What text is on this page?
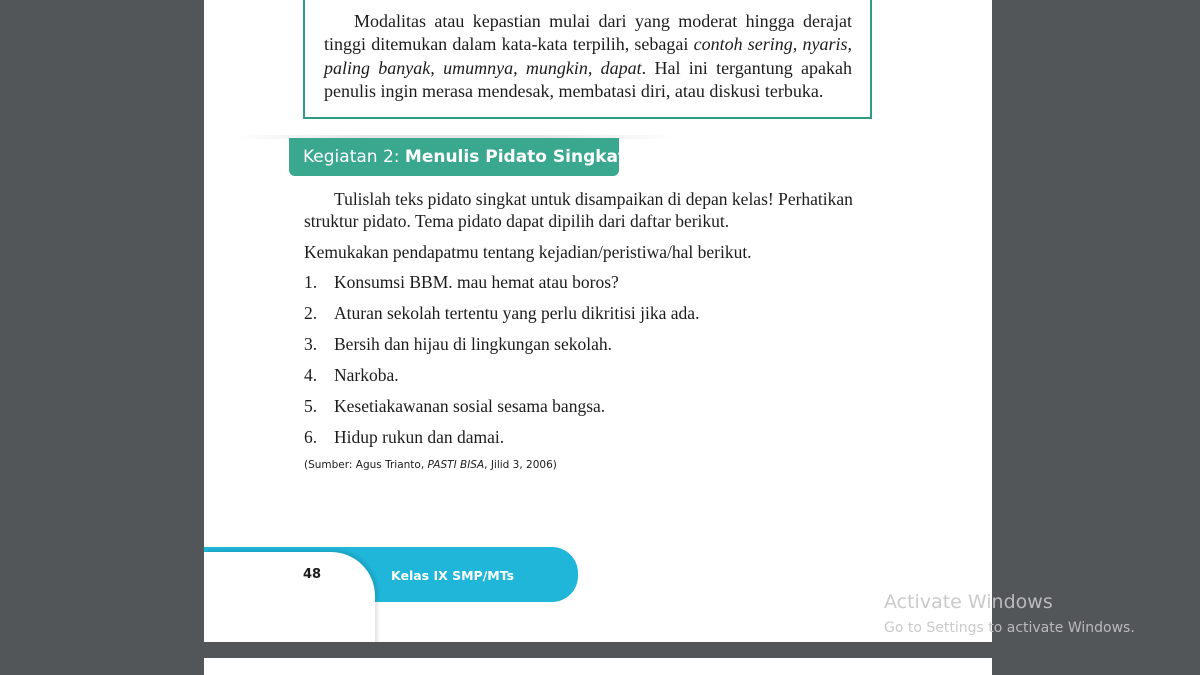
Modalitas atau kepastian mulai dari yang moderat hingga derajat tinggi ditemukan dalam kata-kata terpilih, sebagai contoh sering, nyaris, paling banyak, umumnya, mungkin, dapat. Hal ini tergantung apakah penulis ingin merasa mendesak, membatasi diri, atau diskusi terbuka.

Kegiatan 2: Menulis Pidato Singkat

Tulislah teks pidato singkat untuk disampaikan di depan kelas! Perhatikan struktur pidato. Tema pidato dapat dipilih dari daftar berikut.

Kemukakan pendapatmu tentang kejadian/peristiwa/hal berikut.

1. Konsumsi BBM. mau hemat atau boros?
2. Aturan sekolah tertentu yang perlu dikritisi jika ada.
3. Bersih dan hijau di lingkungan sekolah.
4. Narkoba.
5. Kesetiakawanan sosial sesama bangsa.
6. Hidup rukun dan damai.

(Sumber: Agus Trianto, PASTI BISA, Jilid 3, 2006)

48	Kelas IX SMP/MTs
Activate Windows
Go to Settings to activate Windows.
